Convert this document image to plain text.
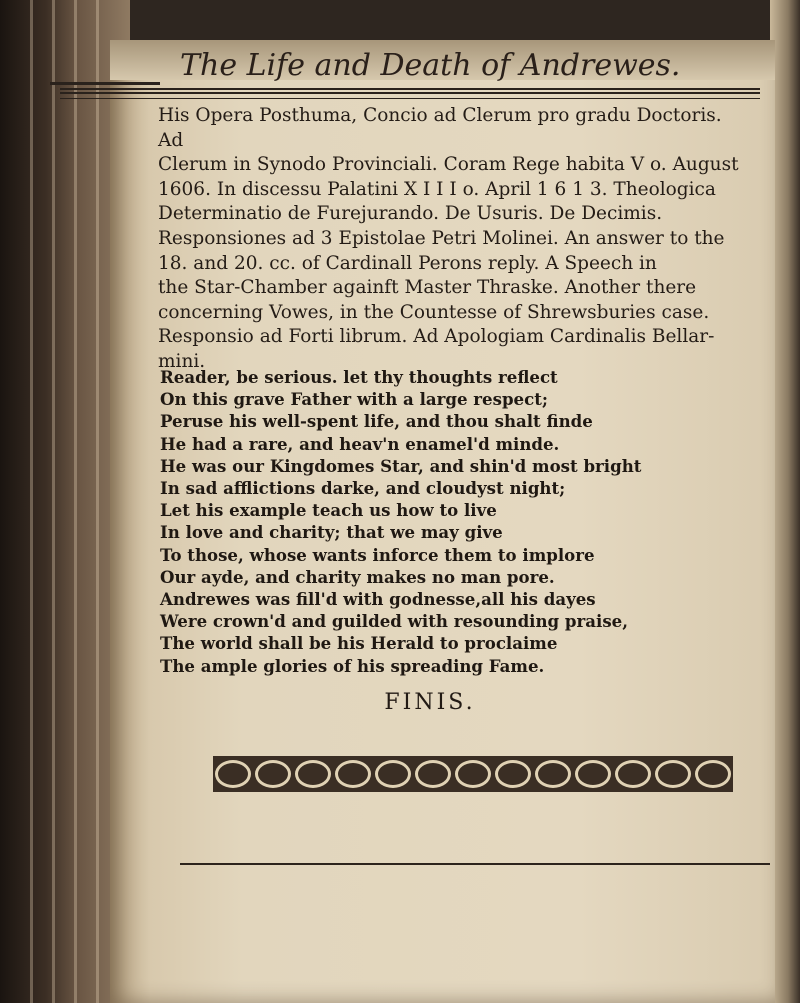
The Life and Death of Andrewes.

His Opera Posthuma, Concio ad Clerum pro gradu Doctoris. Ad

Clerum in Synodo Provinciali. Coram Rege habita V o. August

1606. In discessu Palatini X I I I o. April 1 6 1 3. Theologica

Determinatio de Furejurando. De Usuris. De Decimis.

Responsiones ad 3 Epistolae Petri Molinei. An answer to the

18. and 20. cc. of Cardinall Perons reply. A Speech in

the Star-Chamber againft Master Thraske. Another there

concerning Vowes, in the Countesse of Shrewsburies case.

Responsio ad Forti librum. Ad Apologiam Cardinalis Bellar-

mini.

Reader, be serious. let thy thoughts reflect
On this grave Father with a large respect;
Peruse his well-spent life, and thou shalt finde
He had a rare, and heav'n enamel'd minde.
He was our Kingdomes Star, and shin'd most bright
In sad afflictions darke, and cloudyst night;
Let his example teach us how to live
In love and charity; that we may give
To those, whose wants inforce them to implore
Our ayde, and charity makes no man pore.
Andrewes was fill'd with godnesse,all his dayes
Were crown'd and guilded with resounding praise,
The world shall be his Herald to proclaime
The ample glories of his spreading Fame.
FINIS.
